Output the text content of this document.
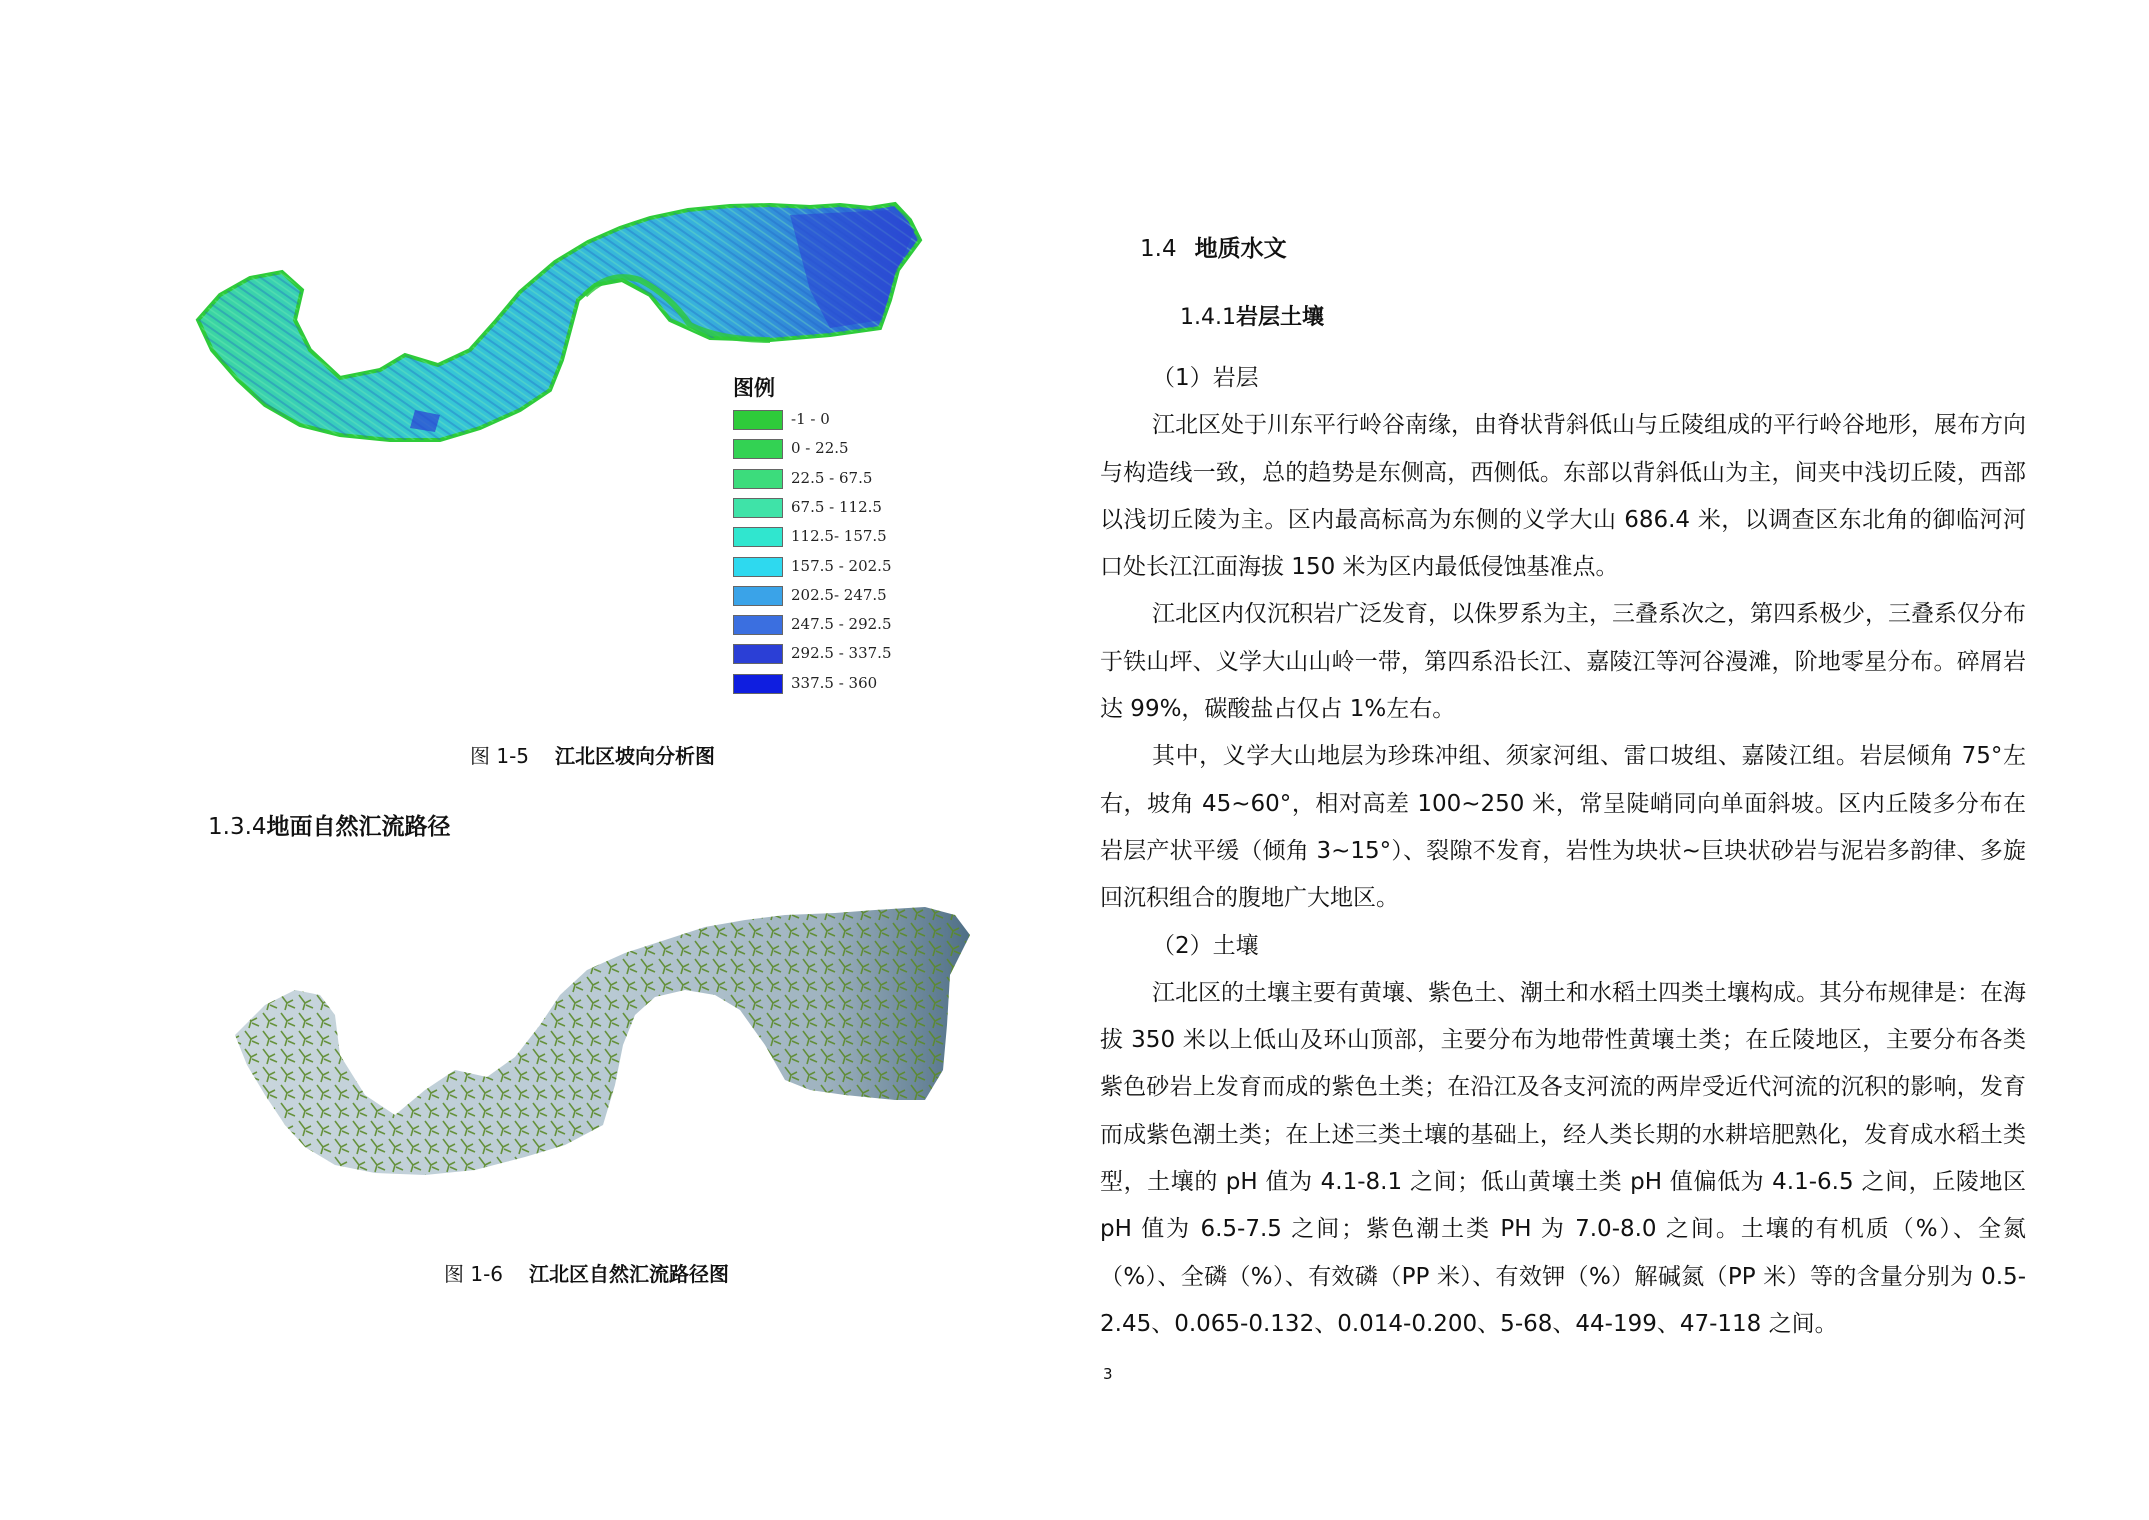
图例
-1 - 0
0 - 22.5
22.5 - 67.5
67.5 - 112.5
112.5- 157.5
157.5 - 202.5
202.5- 247.5
247.5 - 292.5
292.5 - 337.5
337.5 - 360
图 1-5 江北区坡向分析图
1.3.4地面自然汇流路径
图 1-6 江北区自然汇流路径图
1.4 地质水文
1.4.1岩层土壤
（1）岩层

江北区处于川东平行岭谷南缘，由脊状背斜低山与丘陵组成的平行岭谷地形，展布方向与构造线一致，总的趋势是东侧高，西侧低。东部以背斜低山为主，间夹中浅切丘陵，西部以浅切丘陵为主。区内最高标高为东侧的义学大山 686.4 米，以调查区东北角的御临河河口处长江江面海拔 150 米为区内最低侵蚀基准点。

江北区内仅沉积岩广泛发育，以侏罗系为主，三叠系次之，第四系极少，三叠系仅分布于铁山坪、义学大山山岭一带，第四系沿长江、嘉陵江等河谷漫滩，阶地零星分布。碎屑岩达 99%，碳酸盐占仅占 1%左右。

其中，义学大山地层为珍珠冲组、须家河组、雷口坡组、嘉陵江组。岩层倾角 75°左右，坡角 45~60°，相对高差 100~250 米，常呈陡峭同向单面斜坡。区内丘陵多分布在岩层产状平缓（倾角 3~15°）、裂隙不发育，岩性为块状~巨块状砂岩与泥岩多韵律、多旋回沉积组合的腹地广大地区。

（2）土壤

江北区的土壤主要有黄壤、紫色土、潮土和水稻土四类土壤构成。其分布规律是：在海拔 350 米以上低山及环山顶部，主要分布为地带性黄壤土类；在丘陵地区，主要分布各类紫色砂岩上发育而成的紫色土类；在沿江及各支河流的两岸受近代河流的沉积的影响，发育而成紫色潮土类；在上述三类土壤的基础上，经人类长期的水耕培肥熟化，发育成水稻土类型，土壤的 pH 值为 4.1-8.1 之间；低山黄壤土类 pH 值偏低为 4.1-6.5 之间，丘陵地区 pH 值为 6.5-7.5 之间；紫色潮土类 PH 为 7.0-8.0 之间。土壤的有机质（%）、全氮（%）、全磷（%）、有效磷（PP 米）、有效钾（%）解碱氮（PP 米）等的含量分别为 0.5-2.45、0.065-0.132、0.014-0.200、5-68、44-199、47-118 之间。

3
